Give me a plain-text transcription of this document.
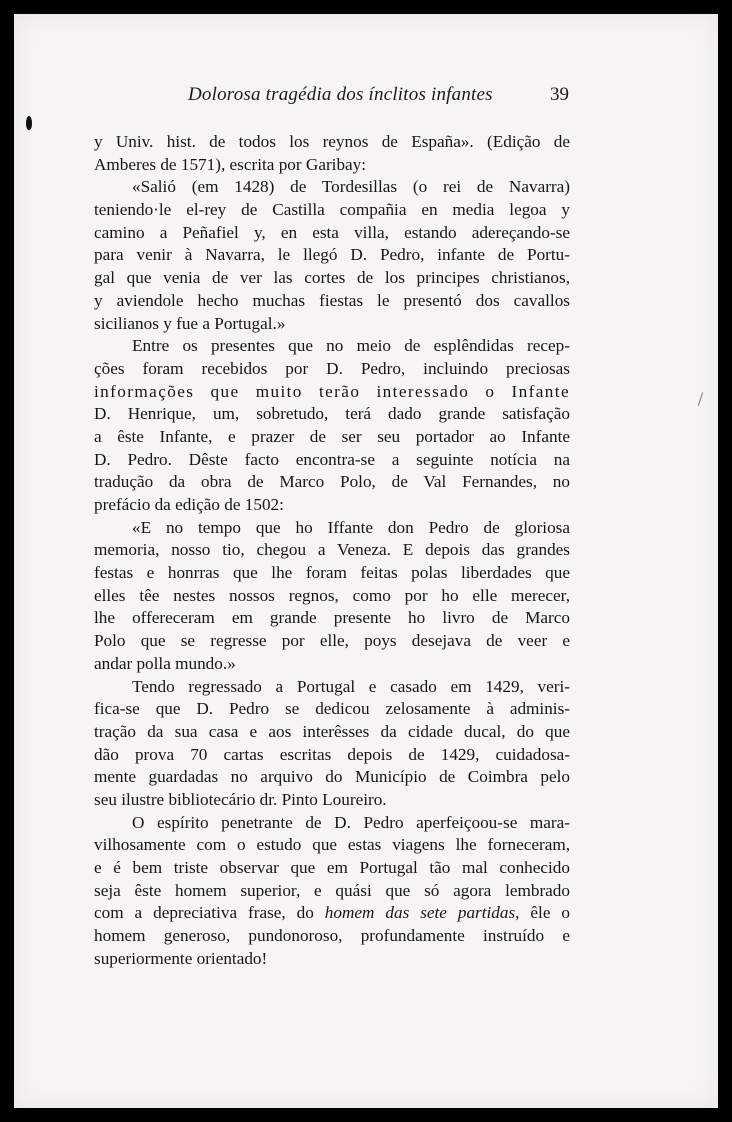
Dolorosa tragédia dos ínclitos infantes	39
y Univ. hist. de todos los reynos de España». (Edição de
Amberes de 1571), escrita por Garibay:
«Salió (em 1428) de Tordesillas (o rei de Navarra)
teniendo·le el-rey de Castilla compañia en media legoa y
camino a Peñafiel y, en esta villa, estando adereçando-se
para venir à Navarra, le llegó D. Pedro, infante de Portu-
gal que venia de ver las cortes de los principes christianos,
y aviendole hecho muchas fiestas le presentó dos cavallos
sicilianos y fue a Portugal.»
Entre os presentes que no meio de esplêndidas recep-
ções foram recebidos por D. Pedro, incluindo preciosas
informações que muito terão interessado o Infante
D. Henrique, um, sobretudo, terá dado grande satisfação
a êste Infante, e prazer de ser seu portador ao Infante
D. Pedro. Dêste facto encontra-se a seguinte notícia na
tradução da obra de Marco Polo, de Val Fernandes, no
prefácio da edição de 1502:
«E no tempo que ho Iffante don Pedro de gloriosa
memoria, nosso tio, chegou a Veneza. E depois das grandes
festas e honrras que lhe foram feitas polas liberdades que
elles têe nestes nossos regnos, como por ho elle merecer,
lhe offereceram em grande presente ho livro de Marco
Polo que se regresse por elle, poys desejava de veer e
andar polla mundo.»
Tendo regressado a Portugal e casado em 1429, veri-
fica-se que D. Pedro se dedicou zelosamente à adminis-
tração da sua casa e aos interêsses da cidade ducal, do que
dão prova 70 cartas escritas depois de 1429, cuidadosa-
mente guardadas no arquivo do Município de Coimbra pelo
seu ilustre bibliotecário dr. Pinto Loureiro.
O espírito penetrante de D. Pedro aperfeiçoou-se mara-
vilhosamente com o estudo que estas viagens lhe forneceram,
e é bem triste observar que em Portugal tão mal conhecido
seja êste homem superior, e quási que só agora lembrado
com a depreciativa frase, do homem das sete partidas, êle o
homem generoso, pundonoroso, profundamente instruído e
superiormente orientado!
